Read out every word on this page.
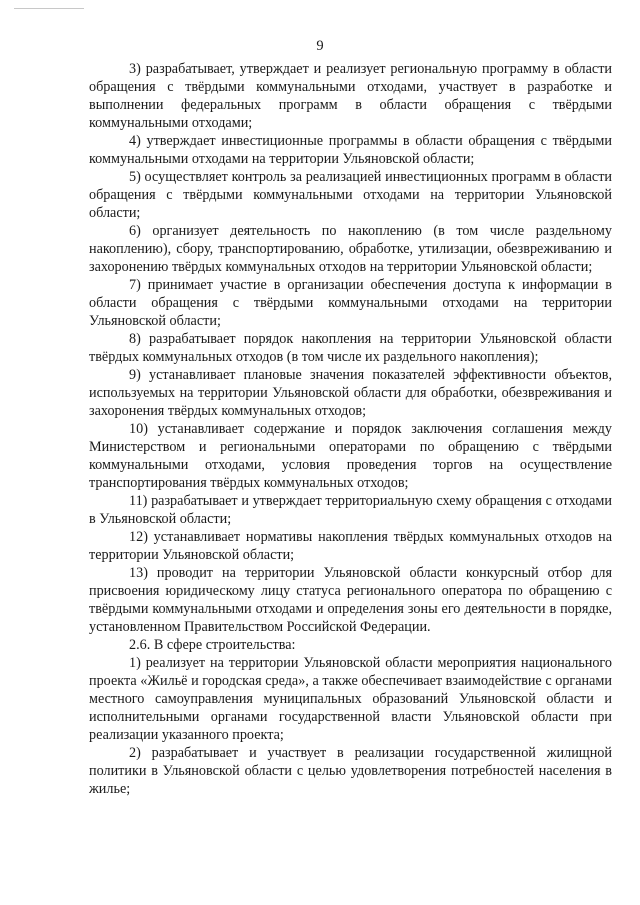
9

3) разрабатывает, утверждает и реализует региональную программу в области обращения с твёрдыми коммунальными отходами, участвует в разработке и выполнении федеральных программ в области обращения с твёрдыми коммунальными отходами;

4) утверждает инвестиционные программы в области обращения с твёрдыми коммунальными отходами на территории Ульяновской области;

5) осуществляет контроль за реализацией инвестиционных программ в области обращения с твёрдыми коммунальными отходами на территории Ульяновской области;

6) организует деятельность по накоплению (в том числе раздельному накоплению), сбору, транспортированию, обработке, утилизации, обезвреживанию и захоронению твёрдых коммунальных отходов на территории Ульяновской области;

7) принимает участие в организации обеспечения доступа к информации в области обращения с твёрдыми коммунальными отходами на территории Ульяновской области;

8) разрабатывает порядок накопления на территории Ульяновской области твёрдых коммунальных отходов (в том числе их раздельного накопления);

9) устанавливает плановые значения показателей эффективности объектов, используемых на территории Ульяновской области для обработки, обезвреживания и захоронения твёрдых коммунальных отходов;

10) устанавливает содержание и порядок заключения соглашения между Министерством и региональными операторами по обращению с твёрдыми коммунальными отходами, условия проведения торгов на осуществление транспортирования твёрдых коммунальных отходов;

11) разрабатывает и утверждает территориальную схему обращения с отходами в Ульяновской области;

12) устанавливает нормативы накопления твёрдых коммунальных отходов на территории Ульяновской области;

13) проводит на территории Ульяновской области конкурсный отбор для присвоения юридическому лицу статуса регионального оператора по обращению с твёрдыми коммунальными отходами и определения зоны его деятельности в порядке, установленном Правительством Российской Федерации.

2.6. В сфере строительства:

1) реализует на территории Ульяновской области мероприятия национального проекта «Жильё и городская среда», а также обеспечивает взаимодействие с органами местного самоуправления муниципальных образований Ульяновской области и исполнительными органами государственной власти Ульяновской области при реализации указанного проекта;

2) разрабатывает и участвует в реализации государственной жилищной политики в Ульяновской области с целью удовлетворения потребностей населения в жилье;
